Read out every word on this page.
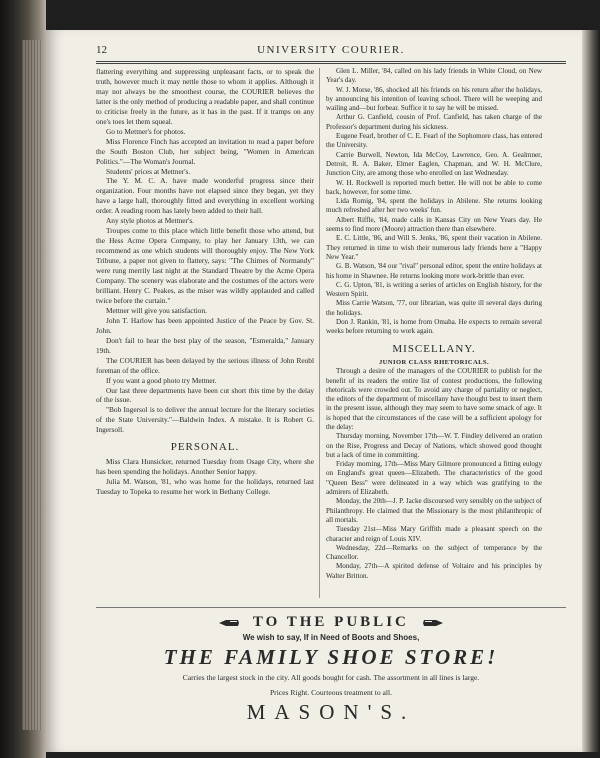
12	UNIVERSITY COURIER.

flattering everything and suppressing unpleasant facts, or to speak the truth, however much it may nettle those to whom it applies. Although it may not always be the smoothest course, the COURIER believes the latter is the only method of producing a readable paper, and shall continue to criticise freely in the future, as it has in the past. If it tramps on any one's toes let them squeal.

Go to Mettner's for photos.

Miss Florence Finch has accepted an invitation to read a paper before the South Boston Club, her subject being, "Women in American Politics."—The Woman's Journal.

Students' prices at Mettner's.

The Y. M. C. A. have made wonderful progress since their organization. Four months have not elapsed since they began, yet they have a large hall, thoroughly fitted and everything in excellent working order. A reading room has lately been added to their hall.

Any style photos at Mettner's.

Troupes come to this place which little benefit those who attend, but the Hess Acme Opera Company, to play her January 13th, we can recommend as one which students will thoroughly enjoy. The New York Tribune, a paper not given to flattery, says: "The Chimes of Normandy" were rung merrily last night at the Standard Theatre by the Acme Opera Company. The scenery was elaborate and the costumes of the actors were brilliant. Henry C. Peakes, as the miser was wildly applauded and called twice before the curtain."

Mettner will give you satisfaction.

John T. Harlow has been appointed Justice of the Peace by Gov. St. John.

Don't fail to hear the best play of the season, "Esmeralda," January 19th.

The COURIER has been delayed by the serious illness of John Reubl foreman of the office.

If you want a good photo try Mettner.

Our last three departments have been cut short this time by the delay of the issue.

"Bob Ingersol is to deliver the annual lecture for the literary societies of the State University."—Baldwin Index. A mistake. It is Robert G. Ingersoll.

PERSONAL.

Miss Clara Hunsicker, returned Tuesday from Osage City, where she has been spending the holidays. Another Senior happy.

Julia M. Watson, '81, who was home for the holidays, returned last Tuesday to Topeka to resume her work in Bethany College.

Glen L. Miller, '84, called on his lady friends in White Cloud, on New Year's day.

W. J. Morse, '86, shocked all his friends on his return after the holidays, by announcing his intention of leaving school. There will be weeping and wailing and—but forbear. Suffice it to say he will be missed.

Arthur G. Canfield, cousin of Prof. Canfield, has taken charge of the Professor's department during his sickness.

Eugene Fearl, brother of C. E. Fearl of the Sophomore class, has entered the University.

Carrie Burwell, Newton, Ida McCoy, Lawrence, Geo. A. Gealmner, Detroit, R. A. Baker, Elmer Eaglen, Chapman, and W. H. McClure, Junction City, are among those who enrolled on last Wednesday.

W. H. Rockwell is reported much better. He will not be able to come back, however, for some time.

Lida Romig, '84, spent the holidays in Abilene. She returns looking much refreshed after her two weeks' fun.

Albert Riffle, '84, made calls in Kansas City on New Years day. He seems to find more (Moore) attraction there than elsewhere.

E. C. Little, '86, and Will S. Jenks, '86, spent their vacation in Abilene. They returned in time to wish their numerous lady friends here a "Happy New Year."

G. B. Watson, '84 our "rival" personal editor, spent the entire holidays at his home in Shawnee. He returns looking more work-brittle than ever.

C. G. Upton, '81, is writing a series of articles on English history, for the Western Spirit.

Miss Carrie Watson, '77, our librarian, was quite ill several days during the holidays.

Don J. Rankin, '81, is home from Omaha. He expects to remain several weeks before returning to work again.

MISCELLANY.

JUNIOR CLASS RHETORICALS.

Through a desire of the managers of the COURIER to publish for the benefit of its readers the entire list of contest productions, the following rhetoricals were crowded out. To avoid any charge of partiality or neglect, the editors of the department of miscellany have thought best to insert them in the present issue, although they may seem to have some smack of age. It is hoped that the circumstances of the case will be a sufficient apology for the delay:

Thursday morning, November 17th—W. T. Findley delivered an oration on the Rise, Progress and Decay of Nations, which showed good thought but a lack of time in committing.

Friday morning, 17th—Miss Mary Gilmore pronounced a fitting eulogy on England's great queen—Elizabeth. The characteristics of the good "Queen Bess" were delineated in a way which was gratifying to the admirers of Elizabeth.

Monday, the 20th—J. P. Jacke discoursed very sensibly on the subject of Philanthropy. He claimed that the Missionary is the most philanthropic of all mortals.

Tuesday 21st—Miss Mary Griffith made a pleasant speech on the character and reign of Louis XIV.

Wednesday, 22d—Remarks on the subject of temperance by the Chancellor.

Monday, 27th—A spirited defense of Voltaire and his principles by Walter Britton.

TO THE PUBLIC
We wish to say, If in Need of Boots and Shoes,
THE FAMILY SHOE STORE!
Carries the largest stock in the city. All goods bought for cash. The assortment in all lines is large.
Prices Right. Courteous treatment to all.
MASON'S.
